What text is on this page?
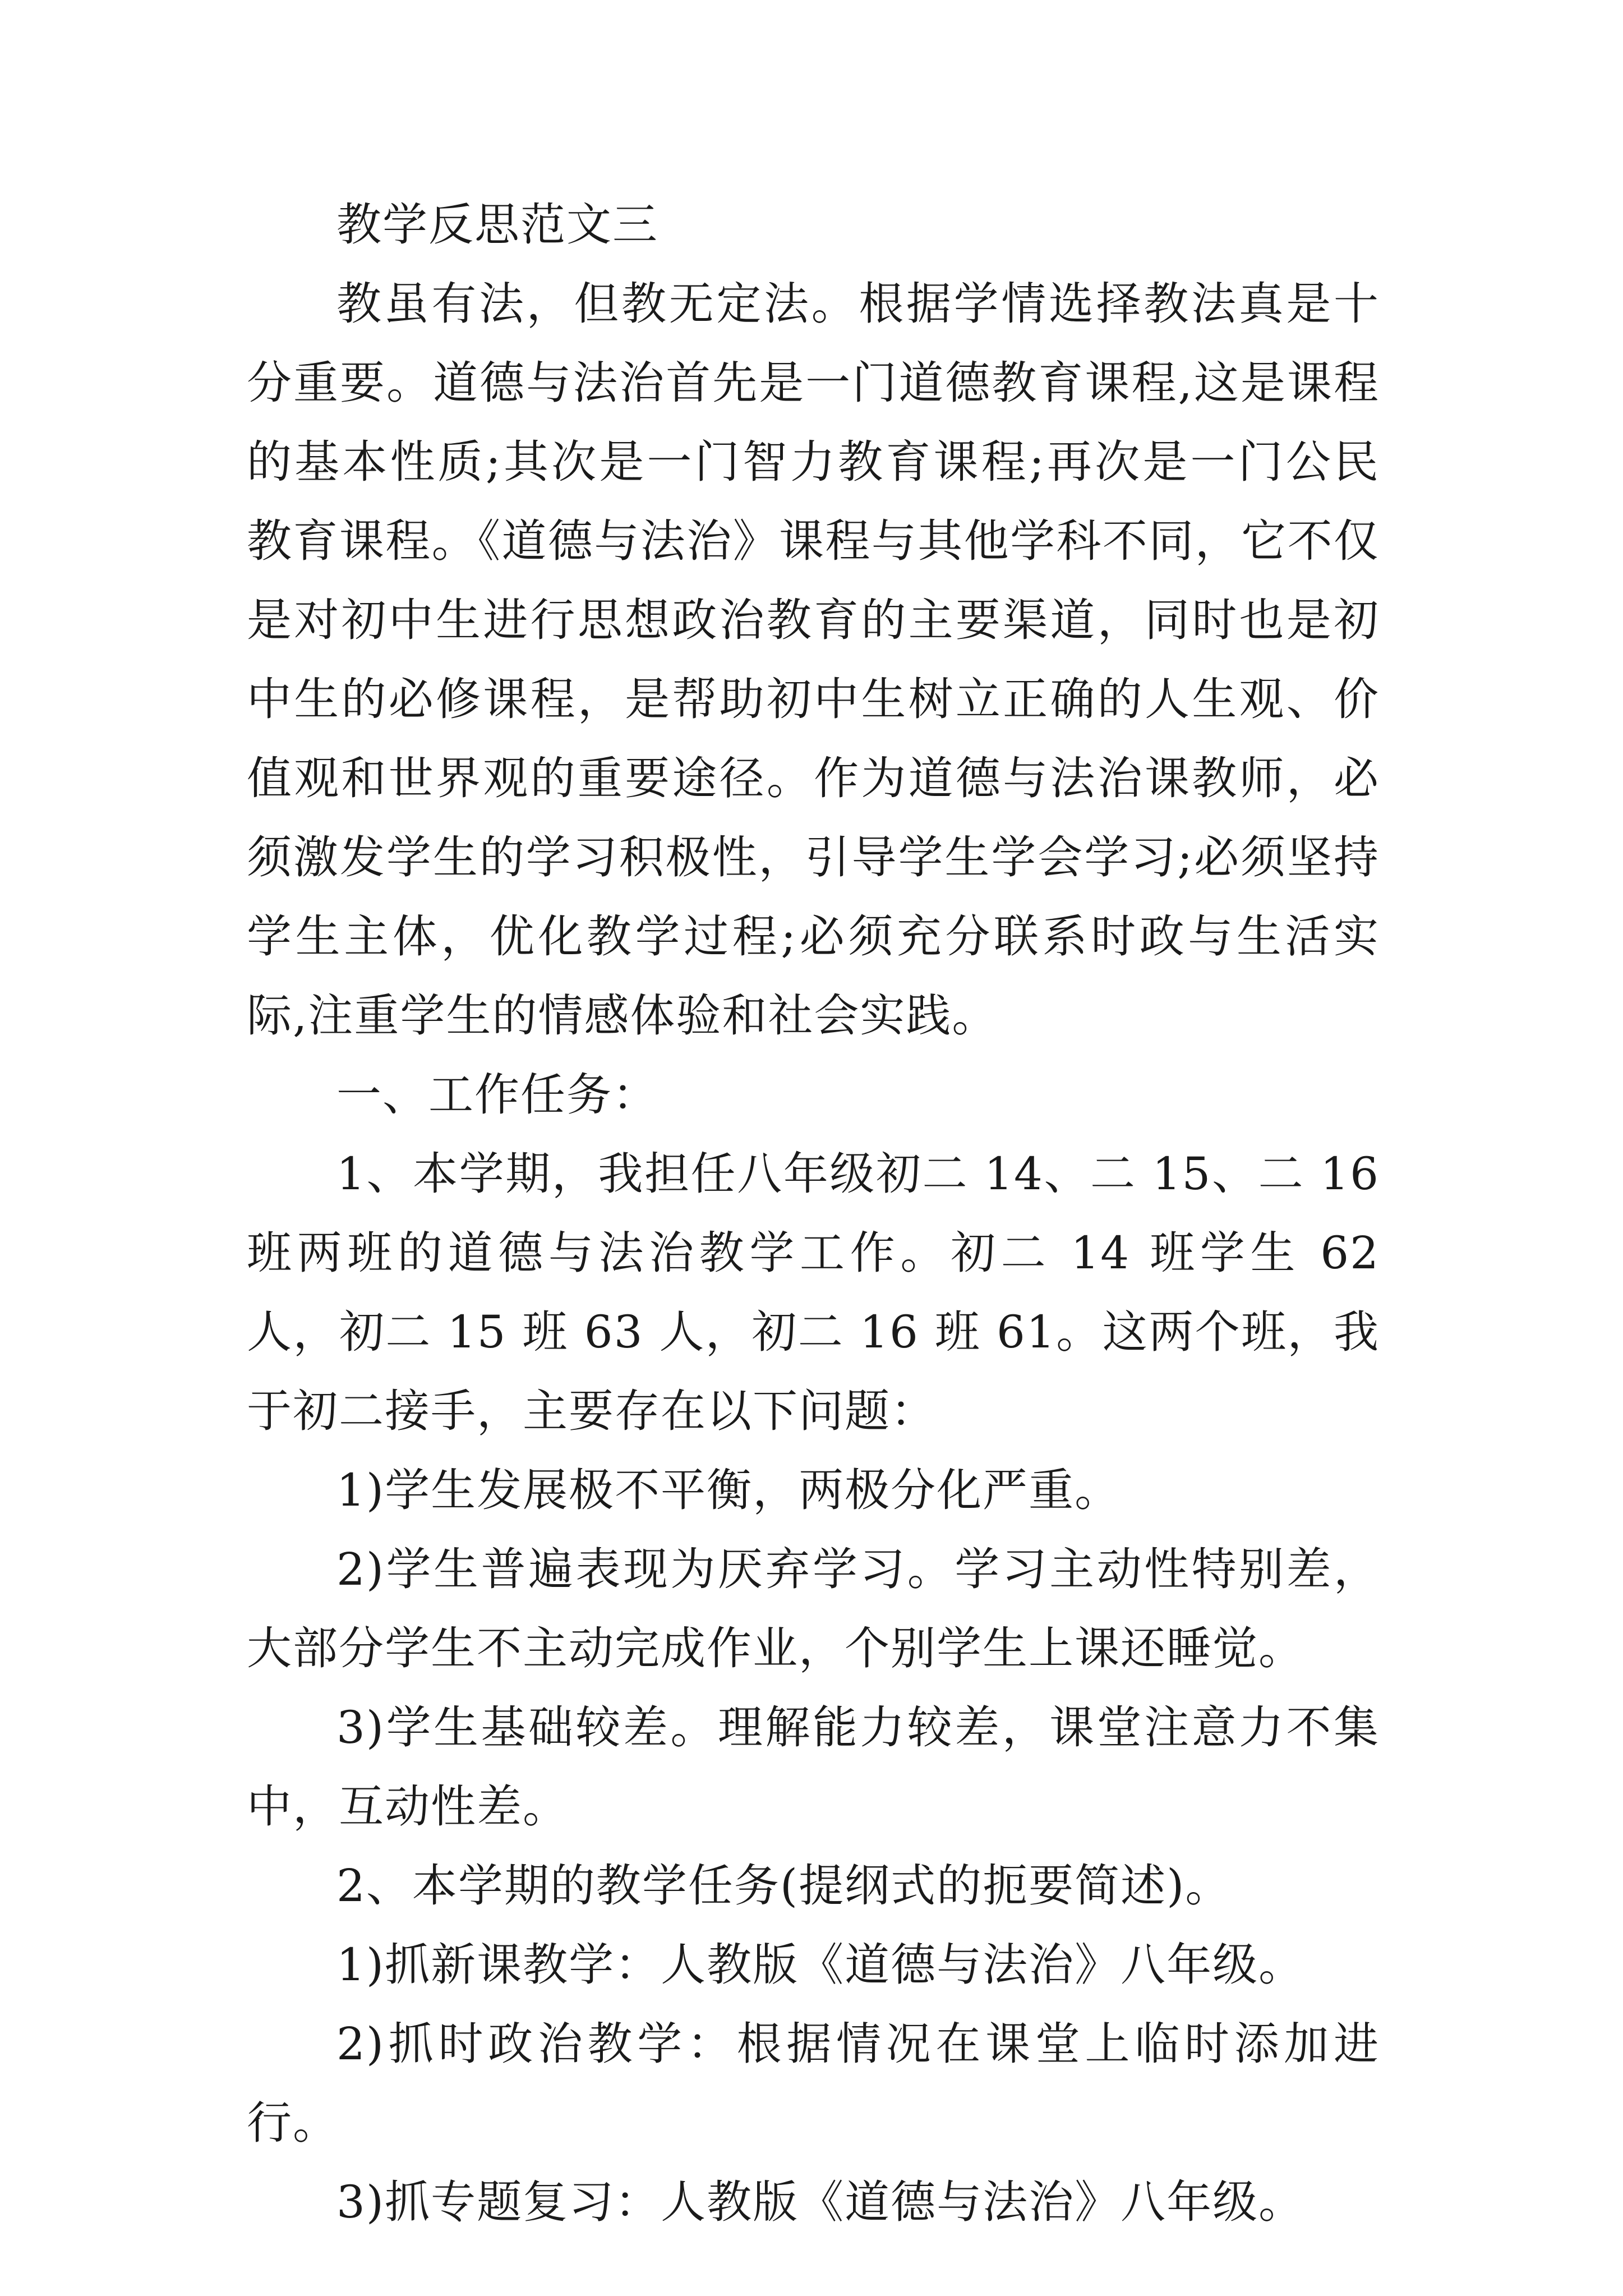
教学反思范文三

教虽有法，但教无定法。根据学情选择教法真是十分重要。道德与法治首先是一门道德教育课程,这是课程的基本性质;其次是一门智力教育课程;再次是一门公民教育课程。《道德与法治》课程与其他学科不同，它不仅是对初中生进行思想政治教育的主要渠道，同时也是初中生的必修课程，是帮助初中生树立正确的人生观、价值观和世界观的重要途径。作为道德与法治课教师，必须激发学生的学习积极性，引导学生学会学习;必须坚持学生主体，优化教学过程;必须充分联系时政与生活实际,注重学生的情感体验和社会实践。

一、工作任务：

1、本学期，我担任八年级初二 14、二 15、二 16 班两班的道德与法治教学工作。初二 14 班学生 62 人，初二 15 班 63 人，初二 16 班 61。这两个班，我于初二接手，主要存在以下问题：

1)学生发展极不平衡，两极分化严重。

2)学生普遍表现为厌弃学习。学习主动性特别差，大部分学生不主动完成作业，个别学生上课还睡觉。

3)学生基础较差。理解能力较差，课堂注意力不集中，互动性差。

2、本学期的教学任务(提纲式的扼要简述)。

1)抓新课教学：人教版《道德与法治》八年级。

2)抓时政治教学：根据情况在课堂上临时添加进行。

3)抓专题复习：人教版《道德与法治》八年级。
